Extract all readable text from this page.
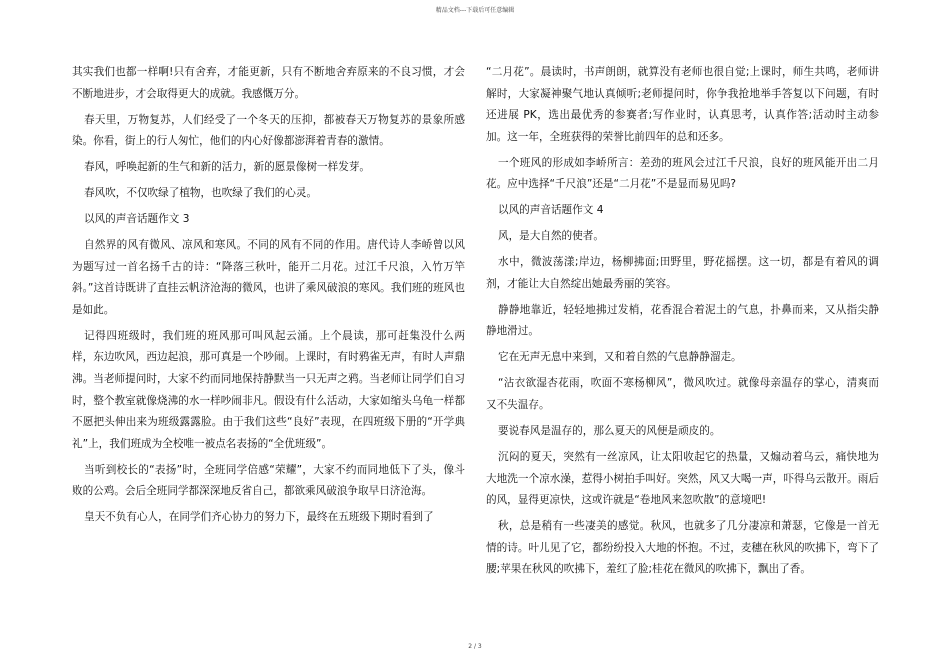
精品文档---下载后可任意编辑

其实我们也都一样啊!只有舍弃，才能更新，只有不断地舍弃原来的不良习惯，才会不断地进步，才会取得更大的成就。我感慨万分。

春天里，万物复苏，人们经受了一个冬天的压抑，都被春天万物复苏的景象所感染。你看，街上的行人匆忙，他们的内心好像都澎湃着青春的激情。

春风，呼唤起新的生气和新的活力，新的愿景像树一样发芽。

春风吹，不仅吹绿了植物，也吹绿了我们的心灵。

以风的声音话题作文 3

自然界的风有微风、凉风和寒风。不同的风有不同的作用。唐代诗人李峤曾以风为题写过一首名扬千古的诗：“降落三秋叶，能开二月花。过江千尺浪，入竹万竿斜。”这首诗既讲了直挂云帆济沧海的微风，也讲了乘风破浪的寒风。我们班的班风也是如此。

记得四班级时，我们班的班风那可叫风起云涌。上个晨读，那可赶集没什么两样，东边吹风，西边起浪，那可真是一个吵闹。上课时，有时鸦雀无声，有时人声鼎沸。当老师提问时，大家不约而同地保持静默当一只无声之鸦。当老师让同学们自习时，整个教室就像烧沸的水一样吵闹非凡。假设有什么活动，大家如缩头乌龟一样都不愿把头伸出来为班级露露脸。由于我们这些“良好”表现，在四班级下册的“开学典礼”上，我们班成为全校唯一被点名表扬的“全优班级”。

当听到校长的“表扬”时，全班同学倍感“荣耀”，大家不约而同地低下了头，像斗败的公鸡。会后全班同学都深深地反省自己，都欲乘风破浪争取早日济沧海。

皇天不负有心人，在同学们齐心协力的努力下，最终在五班级下期时看到了

“二月花”。晨读时，书声朗朗，就算没有老师也很自觉;上课时，师生共鸣，老师讲解时，大家凝神聚气地认真倾听;老师提问时，你争我抢地举手答复以下问题，有时还进展 PK，选出最优秀的参赛者;写作业时，认真思考，认真作答;活动时主动参加。这一年，全班获得的荣誉比前四年的总和还多。

一个班风的形成如李峤所言：差劲的班风会过江千尺浪，良好的班风能开出二月花。应中选择“千尺浪”还是“二月花”不是显而易见吗?

以风的声音话题作文 4

风，是大自然的使者。

水中，微波荡漾;岸边，杨柳拂面;田野里，野花摇摆。这一切，都是有着风的调剂，才能让大自然绽出她最秀丽的笑容。

静静地靠近，轻轻地拂过发梢，花香混合着泥土的气息，扑鼻而来，又从指尖静静地滑过。

它在无声无息中来到，又和着自然的气息静静溜走。

“沾衣欲湿杏花雨，吹面不寒杨柳风”，微风吹过。就像母亲温存的掌心，清爽而又不失温存。

要说春风是温存的，那么夏天的风便是顽皮的。

沉闷的夏天，突然有一丝凉风，让太阳收起它的热量，又煽动着乌云，痛快地为大地洗一个凉水澡，惹得小树拍手叫好。突然，风又大喝一声，吓得乌云散开。雨后的风，显得更凉快，这或许就是“卷地风来忽吹散”的意境吧!

秋，总是稍有一些凄美的感觉。秋风，也就多了几分凄凉和萧瑟，它像是一首无情的诗。叶儿见了它，都纷纷投入大地的怀抱。不过，麦穗在秋风的吹拂下，弯下了腰;苹果在秋风的吹拂下，羞红了脸;桂花在微风的吹拂下，飘出了香。

2 / 3
